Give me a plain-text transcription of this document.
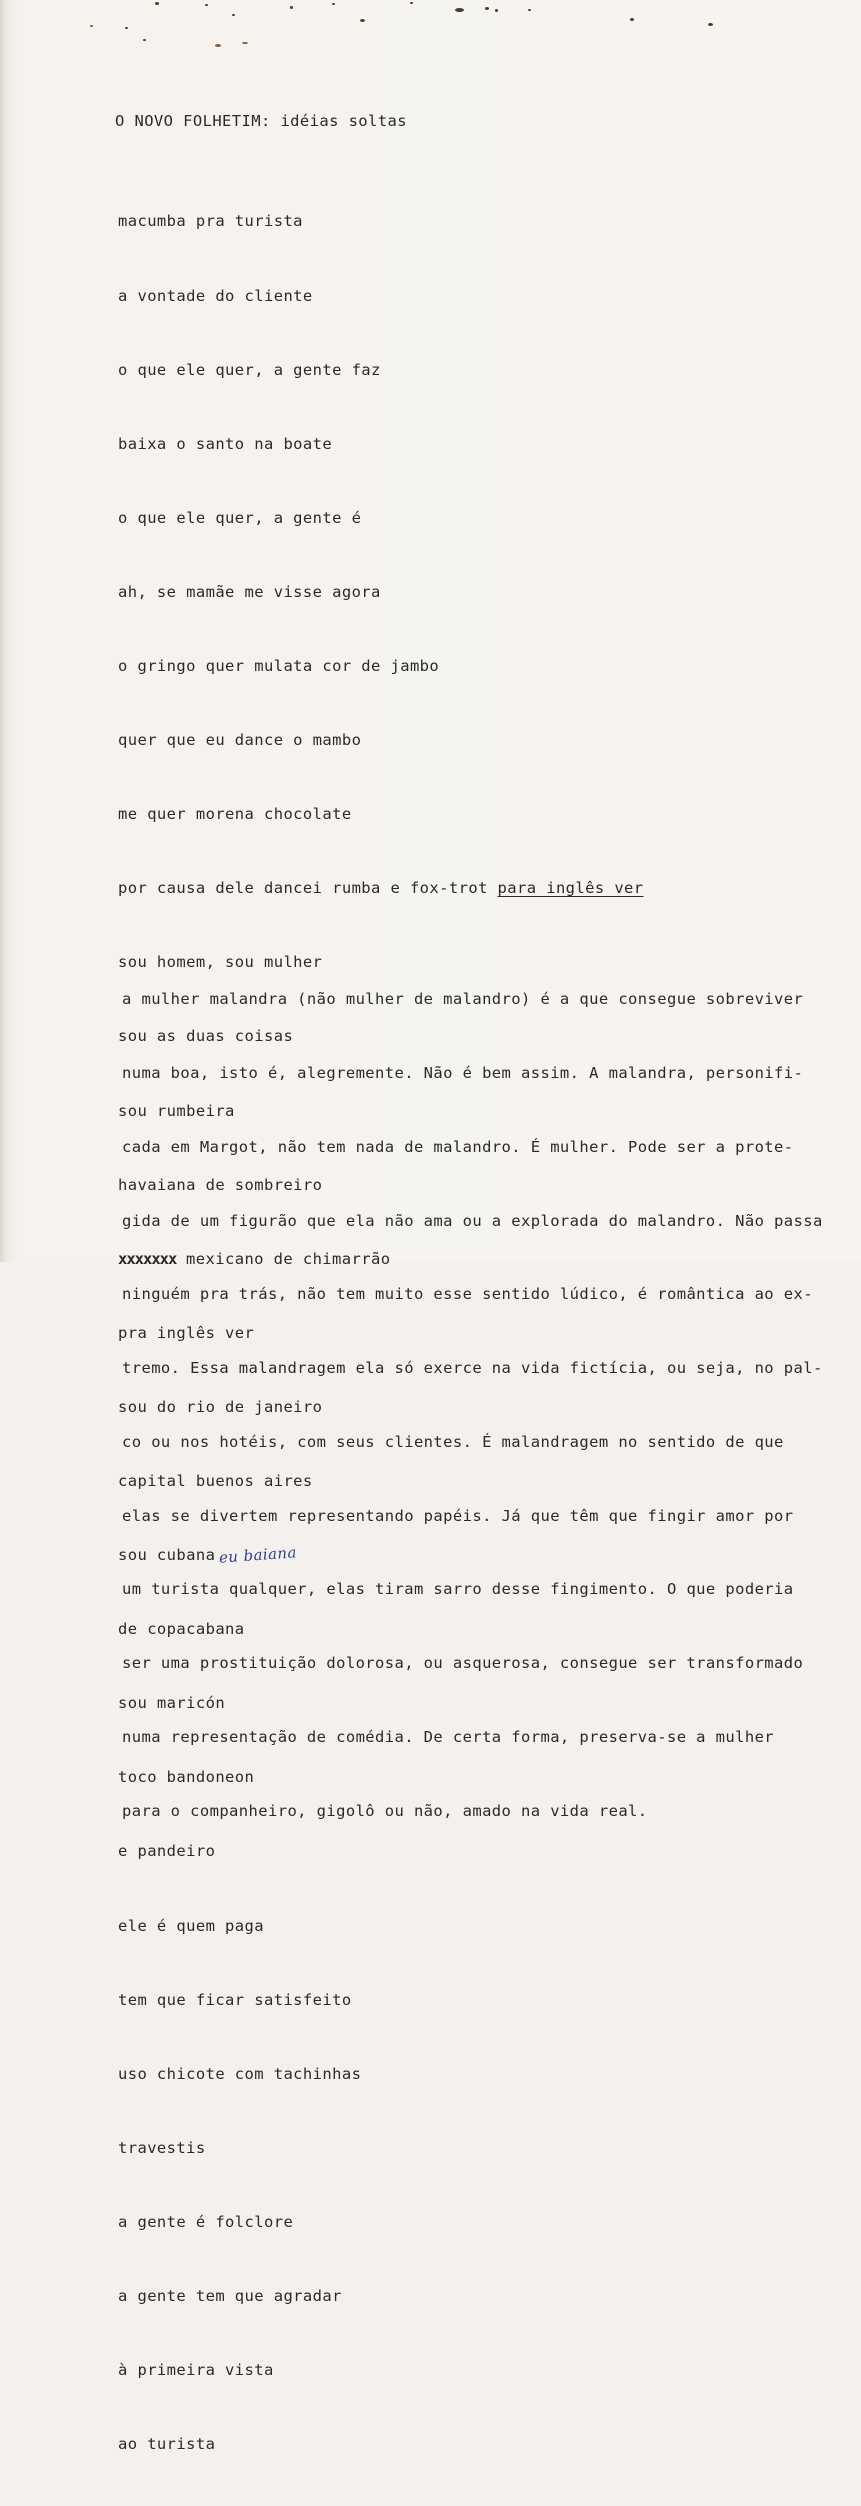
O NOVO FOLHETIM: idéias soltas

macumba pra turista

a vontade do cliente

o que ele quer, a gente faz

baixa o santo na boate

o que ele quer, a gente é

ah, se mamãe me visse agora

o gringo quer mulata cor de jambo

quer que eu dance o mambo

me quer morena chocolate

por causa dele dancei rumba e fox-trot para inglês ver

sou homem, sou mulher

sou as duas coisas

sou rumbeira

havaiana de sombreiro

xxxxxxx mexicano de chimarrão

pra inglês ver

sou do rio de janeiro

capital buenos aires

sou cubana eu baiana

de copacabana

sou maricón

toco bandoneon

e pandeiro

ele é quem paga

tem que ficar satisfeito

uso chicote com tachinhas

travestis

a gente é folclore

a gente tem que agradar

à primeira vista

ao turista

a mulher malandra (não mulher de malandro) é a que consegue sobreviver

numa boa, isto é, alegremente. Não é bem assim. A malandra, personifi-

cada em Margot, não tem nada de malandro. É mulher. Pode ser a prote-

gida de um figurão que ela não ama ou a explorada do malandro. Não passa

ninguém pra trás, não tem muito esse sentido lúdico, é romântica ao ex-

tremo. Essa malandragem ela só exerce na vida fictícia, ou seja, no pal-

co ou nos hotéis, com seus clientes. É malandragem no sentido de que

elas se divertem representando papéis. Já que têm que fingir amor por

um turista qualquer, elas tiram sarro desse fingimento. O que poderia

ser uma prostituição dolorosa, ou asquerosa, consegue ser transformado

numa representação de comédia. De certa forma, preserva-se a mulher

para o companheiro, gigolô ou não, amado na vida real.
